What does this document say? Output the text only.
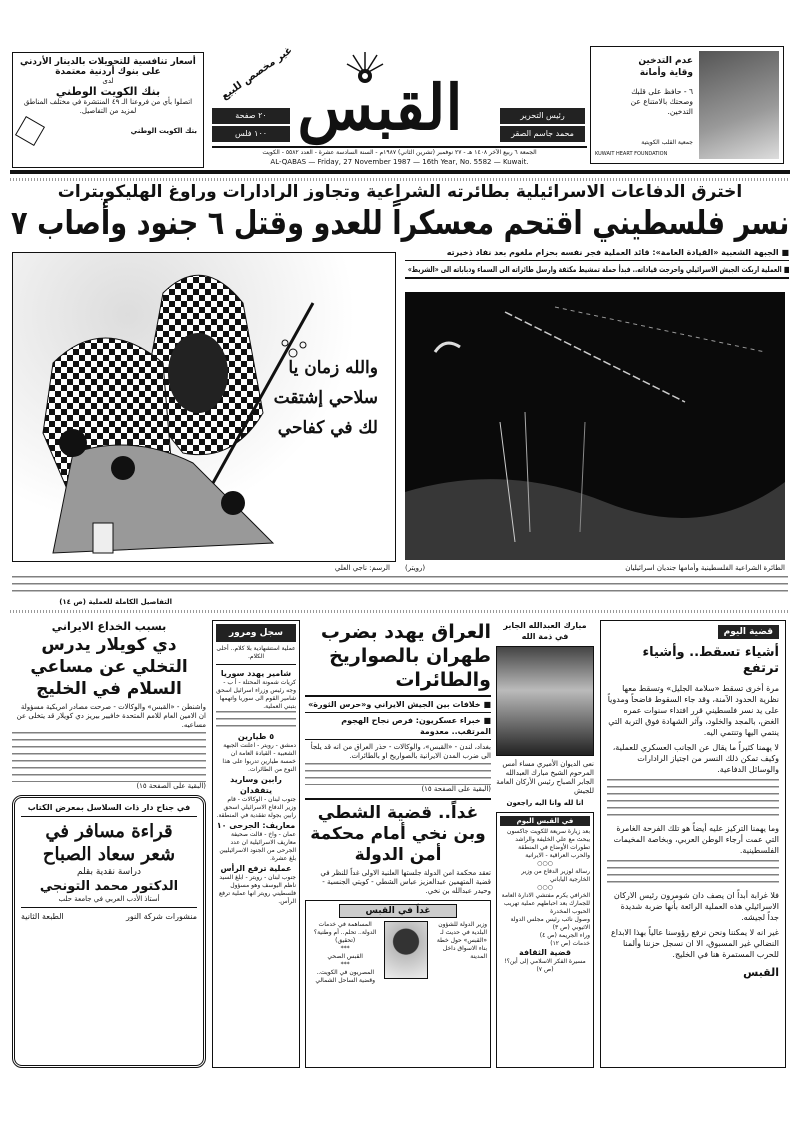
أسعار تنافسية للتحويلات بالدينار الأردني
على بنوك أردنية معتمدة
لدى
بنك الكويت الوطني
اتصلوا بأي من فروعنا الـ ٤٩ المنتشرة في مختلف المناطق لمزيد من التفاصيل.
بنك الكويت الوطني
غير مخصص للبيع
٢٠ صفحة
١٠٠ فلس القبس	رئيس التحرير
محمد جاسم الصقر
الجمعة ٦ ربيع الآخر ١٤٠٨ هـ - ٢٧ نوفمبر (تشرين الثاني) ١٩٨٧م - السنة السادسة عشرة - العدد ٥٥٨٢ - الكويت
AL-QABAS — Friday, 27 November 1987 — 16th Year, No. 5582 — Kuwait.
عدم التدخين وقاية وأمانة
٦ - حافظ على قلبك وصحتك بالامتناع عن التدخين.
جمعية القلب الكويتية
KUWAIT HEART FOUNDATION
اخترق الدفاعات الاسرائيلية بطائرته الشراعية وتجاوز الرادارات وراوغ الهليكوبترات
نسر فلسطيني اقتحم معسكراً للعدو وقتل ٦ جنود وأصاب ٧
■ الجبهة الشعبية «القيادة العامة»: قائد العملية فجر نفسه بحزام ملغوم بعد نفاد ذخيرته
■ العملية اربكت الجيش الاسرائيلي واحرجت قياداته.. فبدأ حملة تمشيط مكثفة وارسل طائراته الى السماء ودباباته الى «الشريط»
والله زمان يا سلاحي إشتقت لك في كفاحي
الرسم: ناجي العلي	الطائرة الشراعية الفلسطينية وأمامها جنديان اسرائيليان
(رويتر)
التفاصيل الكاملة للعملية (ص ١٤)
قضية اليوم
أشياء تسقط.. وأشياء ترتفع

مرة أخرى تسقط «سلامة الجليل» وتسقط معها نظرية الحدود الآمنة، وقد جاء السقوط فاضحاً ومدوياً على يد نسر فلسطيني قرر افتداء سنوات عمره الغض، بالمجد والخلود، وآثر الشهادة فوق التربة التي ينتمي اليها وتنتمي اليه.

لا يهمنا كثيراً ما يقال عن الجانب العسكري للعملية، وكيف تمكن ذلك النسر من اجتياز الرادارات والوسائل الدفاعية.

وما يهمنا التركيز عليه أيضاً هو تلك الفرحة الغامرة التي عمت أرجاء الوطن العربي، وبخاصة المخيمات الفلسطينية.

فلا غرابة أبداً ان يصف دان شومرون رئيس الاركان الاسرائيلي هذه العملية الرائعة بأنها ضربة شديدة جداً لجيشه.

غير انه لا يمكننا ونحن نرفع رؤوسنا عالياً بهذا الابداع النضالي غير المسبوق، الا ان نسجل حزننا وألمنا للحرب المستمرة هنا في الخليج.

القبس
مبارك العبدالله الجابر في ذمة الله
نعى الديوان الأميري مساء أمس المرحوم الشيخ مبارك العبدالله الجابر الصباح رئيس الأركان العامة للجيش
انا لله وانا اليه راجعون
في القبس اليوم
بعد زيارة سريعة للكويت جاكسون يبحث مع علي الخليفة والراشد تطورات الأوضاع في المنطقة والحرب العراقية - الايرانية
○○○
رسالة لوزير الدفاع من وزير الخارجية الياباني
○○○
الخرافي يكرم مفتشي الادارة العامة للجمارك بعد احباطهم عملية تهريب الحبوب المخدرة
وصول نائب رئيس مجلس الدولة الاثيوبي (ص ٣)
وراء الجريمة (ص ٤)
خدمات (ص ١٢)
قضية الثقافة
مسيرة الفكر الاسلامي إلى أين؟! (ص ٧)
العراق يهدد بضرب طهران بالصواريخ والطائرات
■ خلافات بين الجيش الايراني و«حرس الثورة»
■ خبراء عسكريون: فرص نجاح الهجوم المرتقب.. معدومة
بغداد، لندن - «القبس»، والوكالات - حذر العراق من انه قد يلجأ الى ضرب المدن الايرانية بالصواريخ او بالطائرات.
(البقية على الصفحة ١٥)
غداً.. قضية الشطي وبن نخي أمام محكمة أمن الدولة
تعقد محكمة امن الدولة جلستها العلنية الاولى غداً للنظر في قضية المتهمين عبدالعزيز عباس الشطي - كويتي الجنسية - وحيدر عبدالله بن نخي.
غداً في القبس
وزير الدولة للشؤون البلدية في حديث لـ «القبس» حول خطة بناء الاسواق داخل المدينة
المساهمة في خدمات الدولة.. تحلم.. أم وطنية؟ (تحقيق)
***
القبس الصحي
***
المصريون في الكويت.. وقضية الساحل الشمالي
سجل ومرور
عملية استشهادية بلا كلام.. أحلى الكلام.
شامير يهدد سوريا
كريات شمونة المحتلة - أ ب - وجه رئيس وزراء اسرائيل اسحق شامير القوم الى سوريا واتهمها بتبني العملية.
٥ طيارين
دمشق - رويتر - اعلنت الجبهة الشعبية - القيادة العامة ان خمسة طيارين تدربوا على هذا النوع من الطائرات.
رابين وساريد يتفقدان
جنوب لبنان - الوكالات - قام وزير الدفاع الاسرائيلي اسحق رابين بجولة تفقدية في المنطقة.
معاريف: الجرحى ١٠
عمان - واخ - قالت صحيفة معاريف الاسرائيلية ان عدد الجرحى من الجنود الاسرائيليين بلغ عشرة.
عملية ترفع الرأس
جنوب لبنان - رويتر - ابلغ السيد ناظم اليوسف وهو مسؤول فلسطيني رويتر انها عملية ترفع الرأس.
بسبب الخداع الايراني
دي كويلار يدرس التخلي عن مساعي السلام في الخليج
واشنطن - «القبس» والوكالات - صرحت مصادر امريكية مسؤولة ان الامين العام للامم المتحدة خافيير بيريز دي كويلار قد يتخلى عن مساعيه.
(البقية على الصفحة ١٥)
في جناح دار ذات السلاسل بمعرض الكتاب
قراءة مسافر في
شعر سعاد الصباح
دراسة نقدية بقلم
الدكتور محمد التونجي
أستاذ الأدب العربي في جامعة حلب
منشورات شركة النور
الطبعة الثانية
